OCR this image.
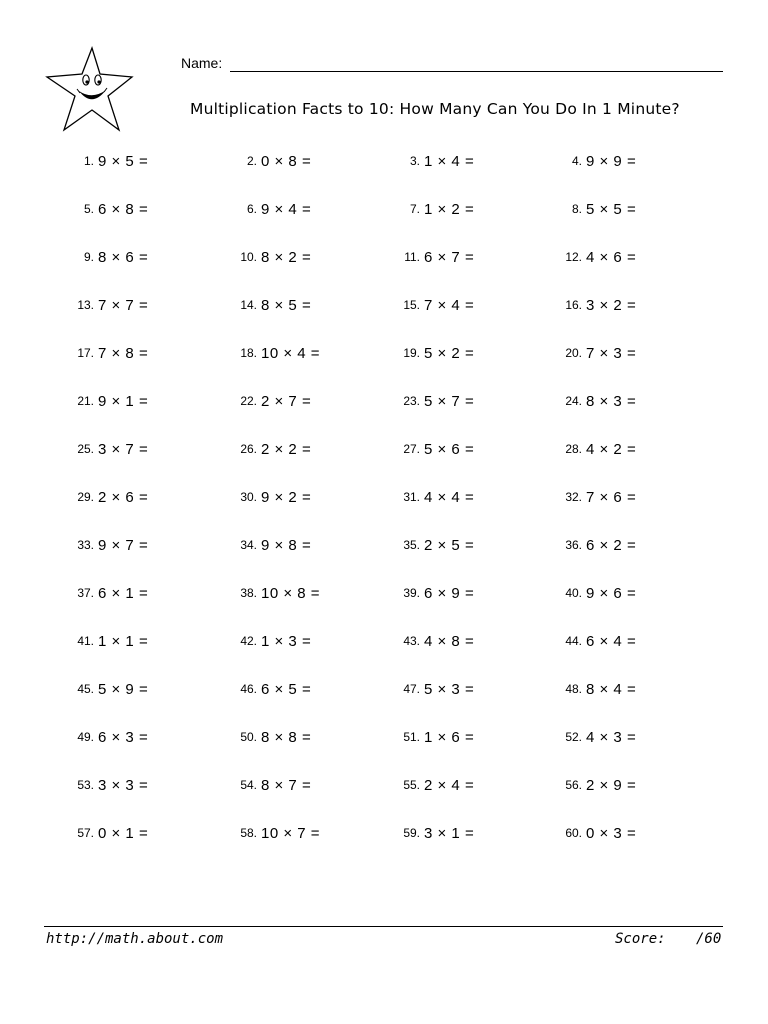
Name:
Multiplication Facts to 10: How Many Can You Do In 1 Minute?
1. 9 × 5 =	2. 0 × 8 =	3. 1 × 4 =	4. 9 × 9 =
5. 6 × 8 =	6. 9 × 4 =	7. 1 × 2 =	8. 5 × 5 =
9. 8 × 6 =	10. 8 × 2 =	11. 6 × 7 =	12. 4 × 6 =
13. 7 × 7 =	14. 8 × 5 =	15. 7 × 4 =	16. 3 × 2 =
17. 7 × 8 =	18. 10 × 4 =	19. 5 × 2 =	20. 7 × 3 =
21. 9 × 1 =	22. 2 × 7 =	23. 5 × 7 =	24. 8 × 3 =
25. 3 × 7 =	26. 2 × 2 =	27. 5 × 6 =	28. 4 × 2 =
29. 2 × 6 =	30. 9 × 2 =	31. 4 × 4 =	32. 7 × 6 =
33. 9 × 7 =	34. 9 × 8 =	35. 2 × 5 =	36. 6 × 2 =
37. 6 × 1 =	38. 10 × 8 =	39. 6 × 9 =	40. 9 × 6 =
41. 1 × 1 =	42. 1 × 3 =	43. 4 × 8 =	44. 6 × 4 =
45. 5 × 9 =	46. 6 × 5 =	47. 5 × 3 =	48. 8 × 4 =
49. 6 × 3 =	50. 8 × 8 =	51. 1 × 6 =	52. 4 × 3 =
53. 3 × 3 =	54. 8 × 7 =	55. 2 × 4 =	56. 2 × 9 =
57. 0 × 1 =	58. 10 × 7 =	59. 3 × 1 =	60. 0 × 3 =
http://math.about.com	Score: /60
